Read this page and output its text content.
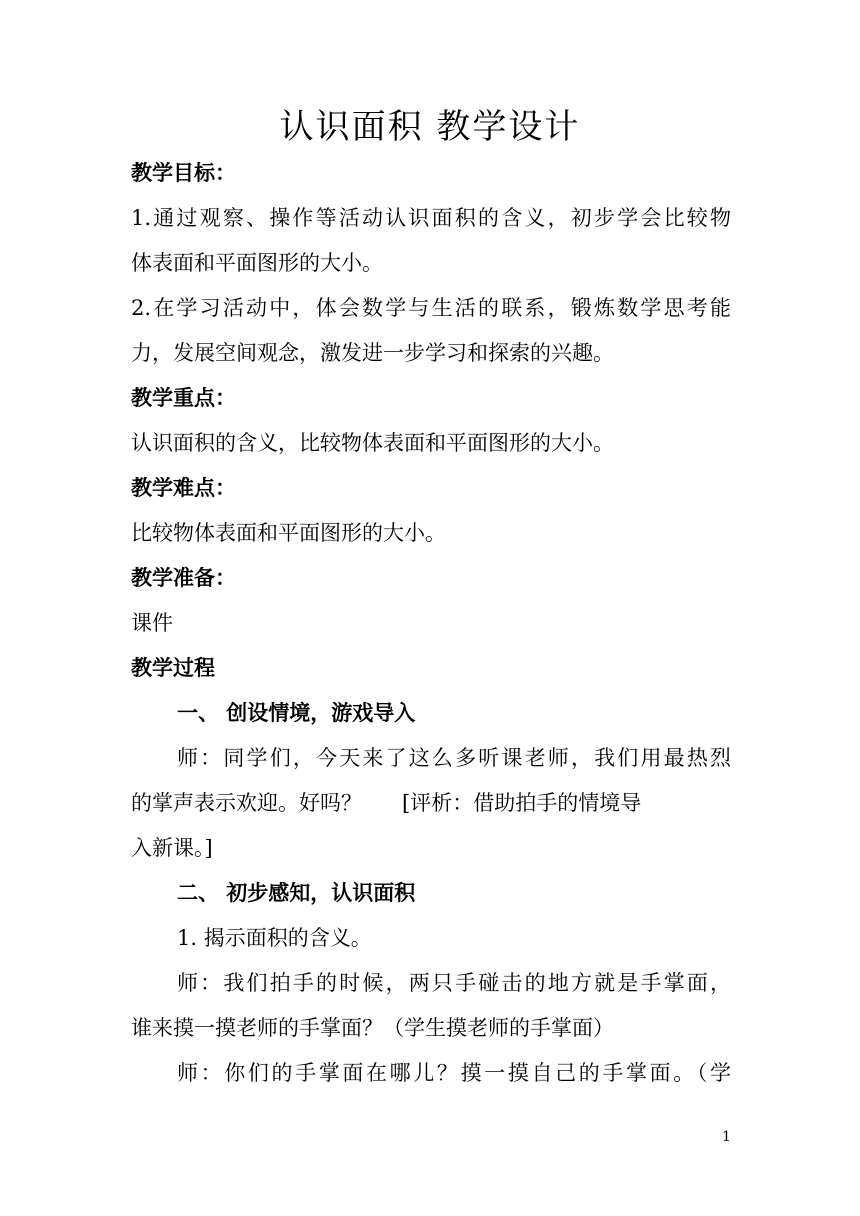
认识面积 教学设计
教学目标：
1.通过观察、操作等活动认识面积的含义，初步学会比较物
体表面和平面图形的大小。
2.在学习活动中，体会数学与生活的联系，锻炼数学思考能
力，发展空间观念，激发进一步学习和探索的兴趣。
教学重点：
认识面积的含义，比较物体表面和平面图形的大小。
教学难点：
比较物体表面和平面图形的大小。
教学准备：
课件
教学过程
一、 创设情境，游戏导入
师：同学们，今天来了这么多听课老师，我们用最热烈
的掌声表示欢迎。好吗？      [评析：借助拍手的情境导
入新课。]
二、 初步感知，认识面积
1. 揭示面积的含义。
师：我们拍手的时候，两只手碰击的地方就是手掌面，
谁来摸一摸老师的手掌面？（学生摸老师的手掌面）
师：你们的手掌面在哪儿？摸一摸自己的手掌面。（学
1
